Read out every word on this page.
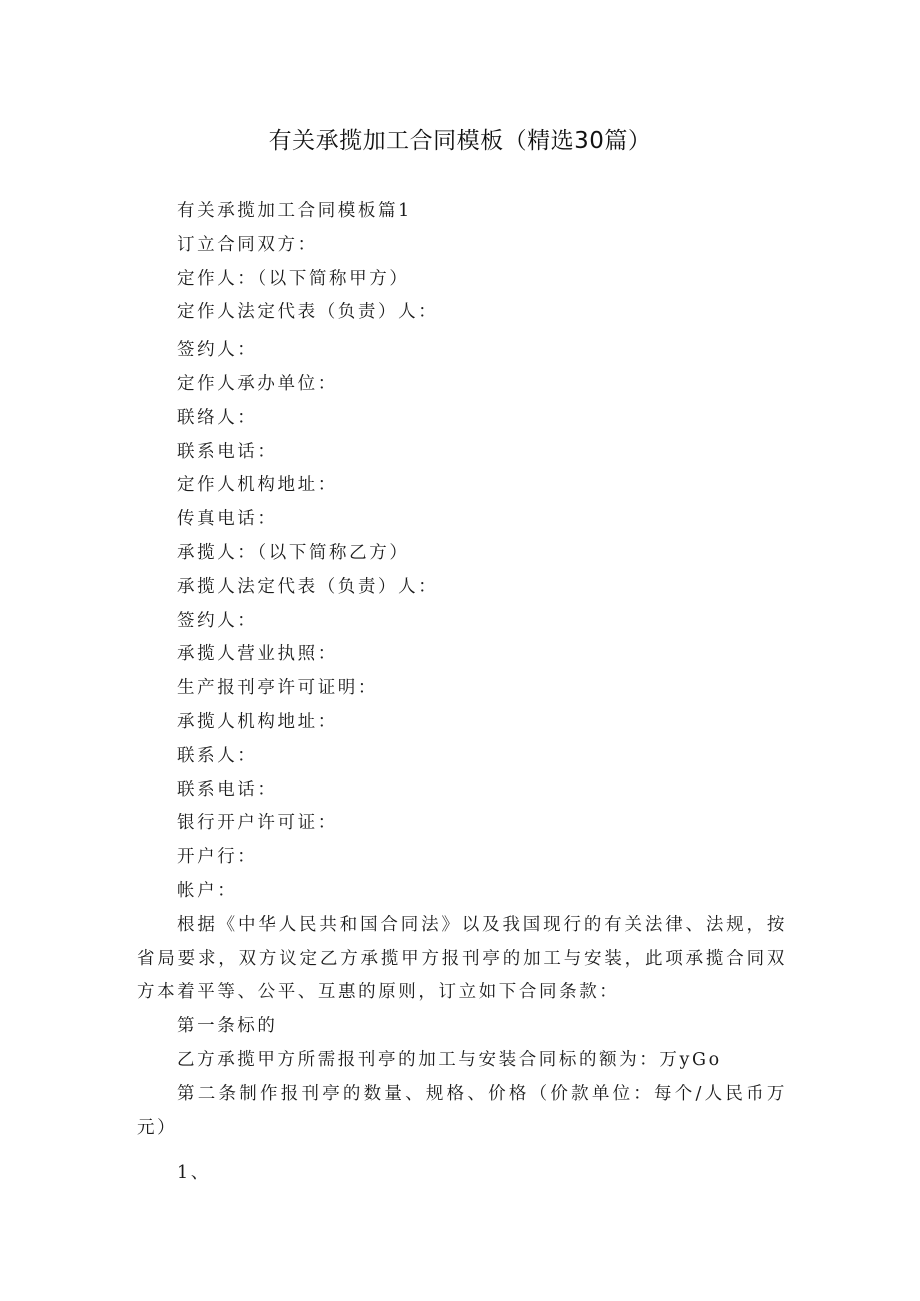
有关承揽加工合同模板（精选30篇）
有关承揽加工合同模板篇1
订立合同双方：
定作人：（以下简称甲方）
定作人法定代表（负责）人：
签约人：
定作人承办单位：
联络人：
联系电话：
定作人机构地址：
传真电话：
承揽人：（以下简称乙方）
承揽人法定代表（负责）人：
签约人：
承揽人营业执照：
生产报刊亭许可证明：
承揽人机构地址：
联系人：
联系电话：
银行开户许可证：
开户行：
帐户：

根据《中华人民共和国合同法》以及我国现行的有关法律、法规，按省局要求，双方议定乙方承揽甲方报刊亭的加工与安装，此项承揽合同双方本着平等、公平、互惠的原则，订立如下合同条款：

第一条标的
乙方承揽甲方所需报刊亭的加工与安装合同标的额为：万yGo

第二条制作报刊亭的数量、规格、价格（价款单位：每个/人民币万元）

1、
